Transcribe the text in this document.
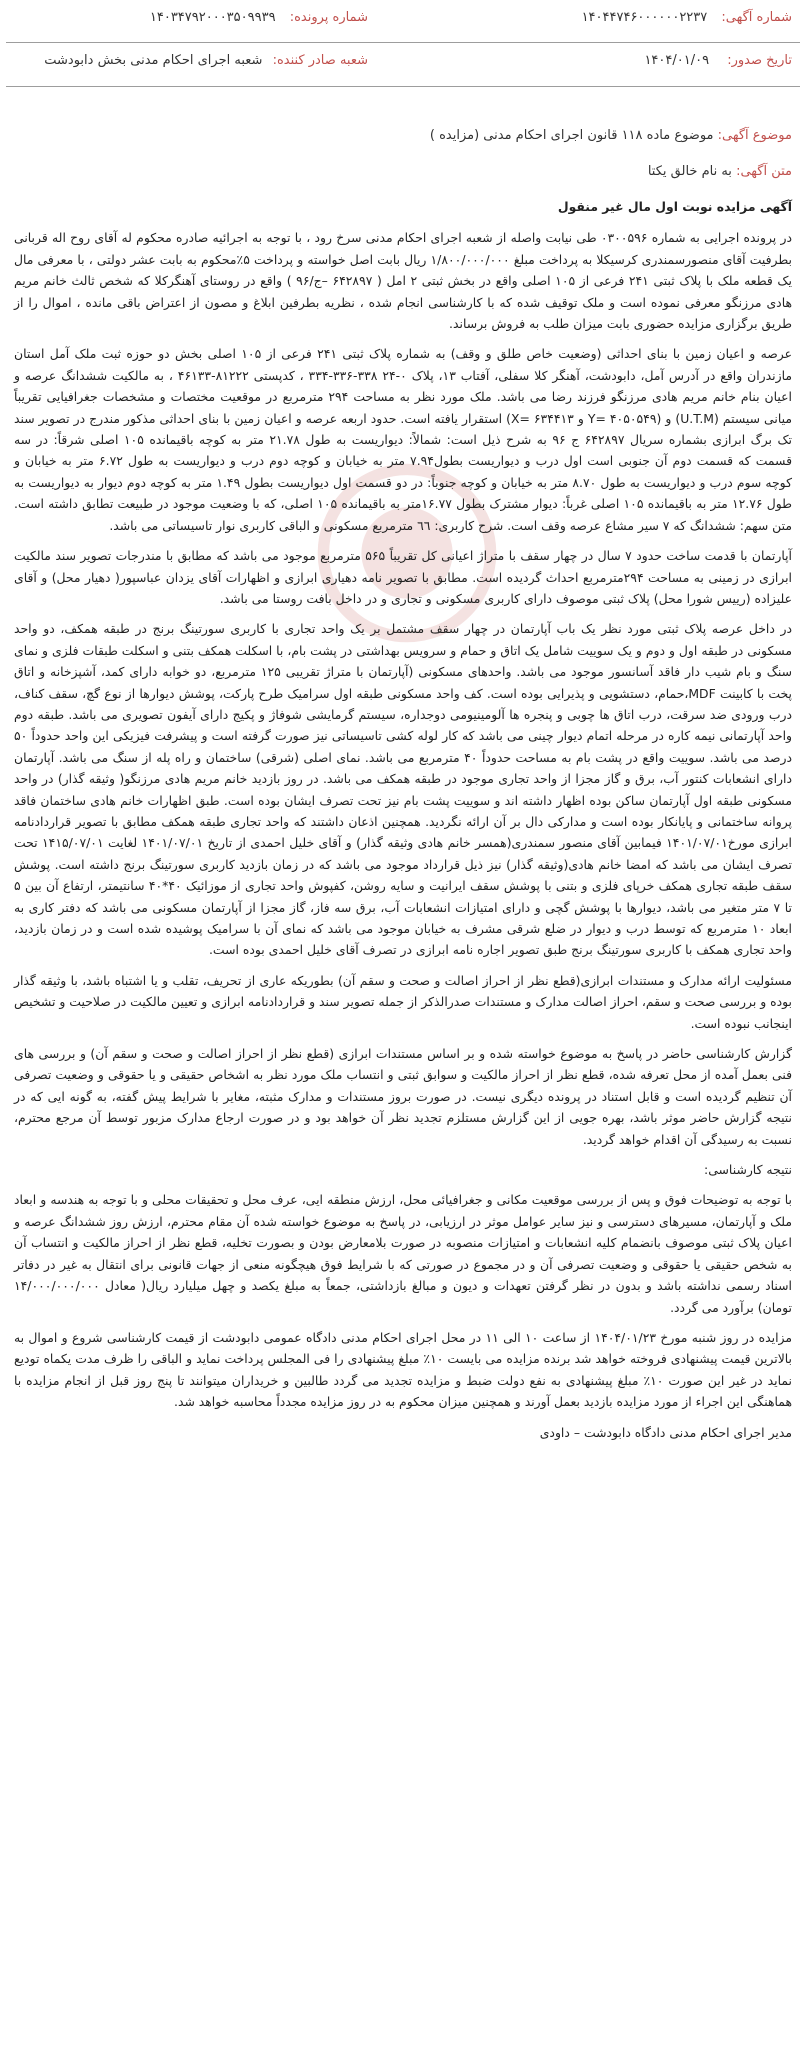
شماره آگهی: ۱۴۰۴۴۷۴۶۰۰۰۰۰۰۲۲۳۷
شماره پرونده: ۱۴۰۳۴۷۹۲۰۰۰۳۵۰۹۹۳۹
تاریخ صدور: ۱۴۰۴/۰۱/۰۹
شعبه صادر کننده: شعبه اجرای احکام مدنی بخش دابودشت
موضوع آگهی: موضوع ماده ۱۱۸ قانون اجرای احکام مدنی (مزایده )
متن آگهی: به نام خالق یکتا

آگهی مزایده نوبت اول مال غیر منقول

در پرونده اجرایی به شماره ۰۳۰۰۵۹۶ طی نیابت واصله از شعبه اجرای احکام مدنی سرخ رود ، با توجه به اجرائیه صادره محکوم له آقای روح اله قربانی بطرفیت آقای منصورسمندری کرسیکلا به پرداخت مبلغ ۱/۸۰۰/۰۰۰/۰۰۰ ریال بابت اصل خواسته و پرداخت ۵٪محکوم به بابت عشر دولتی ، با معرفی مال یک قطعه ملک با پلاک ثبتی ۲۴۱ فرعی از ۱۰۵ اصلی واقع در بخش ثبتی ۲ امل ( ۶۴۲۸۹۷ –ج/۹۶ ) واقع در روستای آهنگرکلا که شخص ثالث خانم مریم هادی مرزنگو معرفی نموده است و ملک توقیف شده که با کارشناسی انجام شده ، نظریه بطرفین ابلاغ و مصون از اعتراض باقی مانده ، اموال را از طریق برگزاری مزایده حضوری بابت میزان طلب به فروش برساند.

عرصه و اعیان زمین با بنای احداثی (وضعیت خاص طلق و وقف) به شماره پلاک ثبتی ۲۴۱ فرعی از ۱۰۵ اصلی بخش دو حوزه ثبت ملک آمل استان مازندران واقع در آدرس آمل، دابودشت، آهنگر کلا سفلی، آفتاب ۱۳، پلاک ۰-۲۴ ۳۳۸-۳۳۶-۳۳۴ ، کدپستی ۸۱۲۲۲-۴۶۱۳۳ ، به مالکیت ششدانگ عرصه و اعیان بنام خانم مریم هادی مرزنگو فرزند رضا می باشد. ملک مورد نظر به مساحت ۲۹۴ مترمربع در موقعیت مختصات و مشخصات جغرافیایی تقریباً میانی سیستم (U.T.M) و (Y= ۴۰۵۰۵۴۹ و X= ۶۳۴۴۱۳) استقرار یافته است. حدود اربعه عرصه و اعیان زمین با بنای احداثی مذکور مندرج در تصویر سند تک برگ ابرازی بشماره سریال ۶۴۲۸۹۷ ج ۹۶ به شرح ذیل است: شمالاً: دیواریست به طول ۲۱.۷۸ متر به کوچه باقیمانده ۱۰۵ اصلی شرقاً: در سه قسمت که قسمت دوم آن جنوبی است اول درب و دیواریست بطول۷.۹۴ متر به خیابان و کوچه دوم درب و دیواریست به طول ۶.۷۲ متر به خیابان و کوچه سوم درب و دیواریست به طول ۸.۷۰ متر به خیابان و کوچه جنوباً: در دو قسمت اول دیواریست بطول ۱.۴۹ متر به کوچه دوم دیوار به دیواریست به طول ۱۲.۷۶ متر به باقیمانده ۱۰۵ اصلی غرباً: دیوار مشترک بطول ۱۶.۷۷متر به باقیمانده ۱۰۵ اصلی، که با وضعیت موجود در طبیعت تطابق داشته است. متن سهم: ششدانگ که ۷ سیر مشاع عرصه وقف است. شرح کاربری: ٦٦ مترمربع مسکونی و الباقی کاربری نوار تاسیساتی می باشد.

آپارتمان با قدمت ساخت حدود ۷ سال در چهار سقف با متراژ اعیانی کل تقریباً ۵۶۵ مترمربع موجود می باشد که مطابق با مندرجات تصویر سند مالکیت ابرازی در زمینی به مساحت ۲۹۴مترمربع احداث گردیده است. مطابق با تصویر نامه دهیاری ابرازی و اظهارات آقای یزدان عباسپور( دهیار محل) و آقای علیزاده (رییس شورا محل) پلاک ثبتی موصوف دارای کاربری مسکونی و تجاری و در داخل بافت روستا می باشد.

در داخل عرصه پلاک ثبتی مورد نظر یک باب آپارتمان در چهار سقف مشتمل بر یک واحد تجاری با کاربری سورتینگ برنج در طبقه همکف، دو واحد مسکونی در طبقه اول و دوم و یک سوییت شامل یک اتاق و حمام و سرویس بهداشتی در پشت بام، با اسکلت همکف بتنی و اسکلت طبقات فلزی و نمای سنگ و بام شیب دار فاقد آسانسور موجود می باشد. واحدهای مسکونی (آپارتمان با متراژ تقریبی ۱۲۵ مترمربع، دو خوابه دارای کمد، آشپزخانه و اتاق پخت با کابینت MDF،حمام، دستشویی و پذیرایی بوده است. کف واحد مسکونی طبقه اول سرامیک طرح پارکت، پوشش دیوارها از نوع گچ، سقف کناف، درب ورودی ضد سرقت، درب اتاق ها چوبی و پنجره ها آلومینیومی دوجداره، سیستم گرمایشی شوفاژ و پکیج دارای آیفون تصویری می باشد. طبقه دوم واحد آپارتمانی نیمه کاره در مرحله اتمام دیوار چینی می باشد که کار لوله کشی تاسیساتی نیز صورت گرفته است و پیشرفت فیزیکی این واحد حدوداً ۵۰ درصد می باشد. سوییت واقع در پشت بام به مساحت حدوداً ۴۰ مترمربع می باشد. نمای اصلی (شرقی) ساختمان و راه پله از سنگ می باشد. آپارتمان دارای انشعابات کنتور آب، برق و گاز مجزا از واحد تجاری موجود در طبقه همکف می باشد. در روز بازدید خانم مریم هادی مرزنگو( وثیقه گذار) در واحد مسکونی طبقه اول آپارتمان ساکن بوده اظهار داشته اند و سوییت پشت بام نیز تحت تصرف ایشان بوده است. طبق اظهارات خانم هادی ساختمان فاقد پروانه ساختمانی و پایانکار بوده است و مدارکی دال بر آن ارائه نگردید. همچنین اذعان داشتند که واحد تجاری طبقه همکف مطابق با تصویر قراردادنامه ابرازی مورخ۱۴۰۱/۰۷/۰۱ فیمابین آقای منصور سمندری(همسر خانم هادی وثیقه گذار) و آقای خلیل احمدی از تاریخ ۱۴۰۱/۰۷/۰۱ لغایت ۱۴۱۵/۰۷/۰۱ تحت تصرف ایشان می باشد که امضا خانم هادی(وثیقه گذار) نیز ذیل قرارداد موجود می باشد که در زمان بازدید کاربری سورتینگ برنج داشته است. پوشش سقف طبقه تجاری همکف خرپای فلزی و بتنی با پوشش سقف ایرانیت و سایه روشن، کفپوش واحد تجاری از موزائیک ۴۰*۴۰ سانتیمتر، ارتفاع آن بین ۵ تا ۷ متر متغیر می باشد، دیوارها با پوشش گچی و دارای امتیازات انشعابات آب، برق سه فاز، گاز مجزا از آپارتمان مسکونی می باشد که دفتر کاری به ابعاد ۱۰ مترمربع که توسط درب و دیوار در ضلع شرقی مشرف به خیابان موجود می باشد که نمای آن با سرامیک پوشیده شده است و در زمان بازدید، واحد تجاری همکف با کاربری سورتینگ برنج طبق تصویر اجاره نامه ابرازی در تصرف آقای خلیل احمدی بوده است.

مسئولیت ارائه مدارک و مستندات ابرازی(قطع نظر از احراز اصالت و صحت و سقم آن) بطوریکه عاری از تحریف، تقلب و یا اشتباه باشد، با وثیقه گذار بوده و بررسی صحت و سقم، احراز اصالت مدارک و مستندات صدرالذکر از جمله تصویر سند و قراردادنامه ابرازی و تعیین مالکیت در صلاحیت و تشخیص اینجانب نبوده است.

گزارش کارشناسی حاضر در پاسخ به موضوع خواسته شده و بر اساس مستندات ابرازی (قطع نظر از احراز اصالت و صحت و سقم آن) و بررسی های فنی بعمل آمده از محل تعرفه شده، قطع نظر از احراز مالکیت و سوابق ثبتی و انتساب ملک مورد نظر به اشخاص حقیقی و یا حقوقی و وضعیت تصرفی آن تنظیم گردیده است و قابل استناد در پرونده دیگری نیست. در صورت بروز مستندات و مدارک مثبته، مغایر با شرایط پیش گفته، به گونه ایی که در نتیجه گزارش حاضر موثر باشد، بهره جویی از این گزارش مستلزم تجدید نظر آن خواهد بود و در صورت ارجاع مدارک مزبور توسط آن مرجع محترم، نسبت به رسیدگی آن اقدام خواهد گردید.

نتیجه کارشناسی:

با توجه به توضیحات فوق و پس از بررسی موقعیت مکانی و جغرافیائی محل، ارزش منطقه ایی، عرف محل و تحقیقات محلی و با توجه به هندسه و ابعاد ملک و آپارتمان، مسیرهای دسترسی و نیز سایر عوامل موثر در ارزیابی، در پاسخ به موضوع خواسته شده آن مقام محترم، ارزش روز ششدانگ عرصه و اعیان پلاک ثبتی موصوف بانضمام کلیه انشعابات و امتیازات منصوبه در صورت بلامعارض بودن و بصورت تخلیه، قطع نظر از احراز مالکیت و انتساب آن به شخص حقیقی یا حقوقی و وضعیت تصرفی آن و در مجموع در صورتی که با شرایط فوق هیچگونه منعی از جهات قانونی برای انتقال به غیر در دفاتر اسناد رسمی نداشته باشد و بدون در نظر گرفتن تعهدات و دیون و مبالغ بازداشتی، جمعاً به مبلغ یکصد و چهل میلیارد ریال( معادل ۱۴/۰۰۰/۰۰۰/۰۰۰ تومان) برآورد می گردد.

مزایده در روز شنبه مورخ ۱۴۰۴/۰۱/۲۳ از ساعت ۱۰ الی ۱۱ در محل اجرای احکام مدنی دادگاه عمومی دابودشت از قیمت کارشناسی شروع و اموال به بالاترین قیمت پیشنهادی فروخته خواهد شد برنده مزایده می بایست ۱۰٪ مبلغ پیشنهادی را فی المجلس پرداخت نماید و الباقی را ظرف مدت یکماه تودیع نماید در غیر این صورت ۱۰٪ مبلغ پیشنهادی به نفع دولت ضبط و مزایده تجدید می گردد طالبین و خریداران میتوانند تا پنج روز قبل از انجام مزایده با هماهنگی این اجراء از مورد مزایده بازدید بعمل آورند و همچنین میزان محکوم به در روز مزایده مجدداً محاسبه خواهد شد.

مدیر اجرای احکام مدنی دادگاه دابودشت – داودی
